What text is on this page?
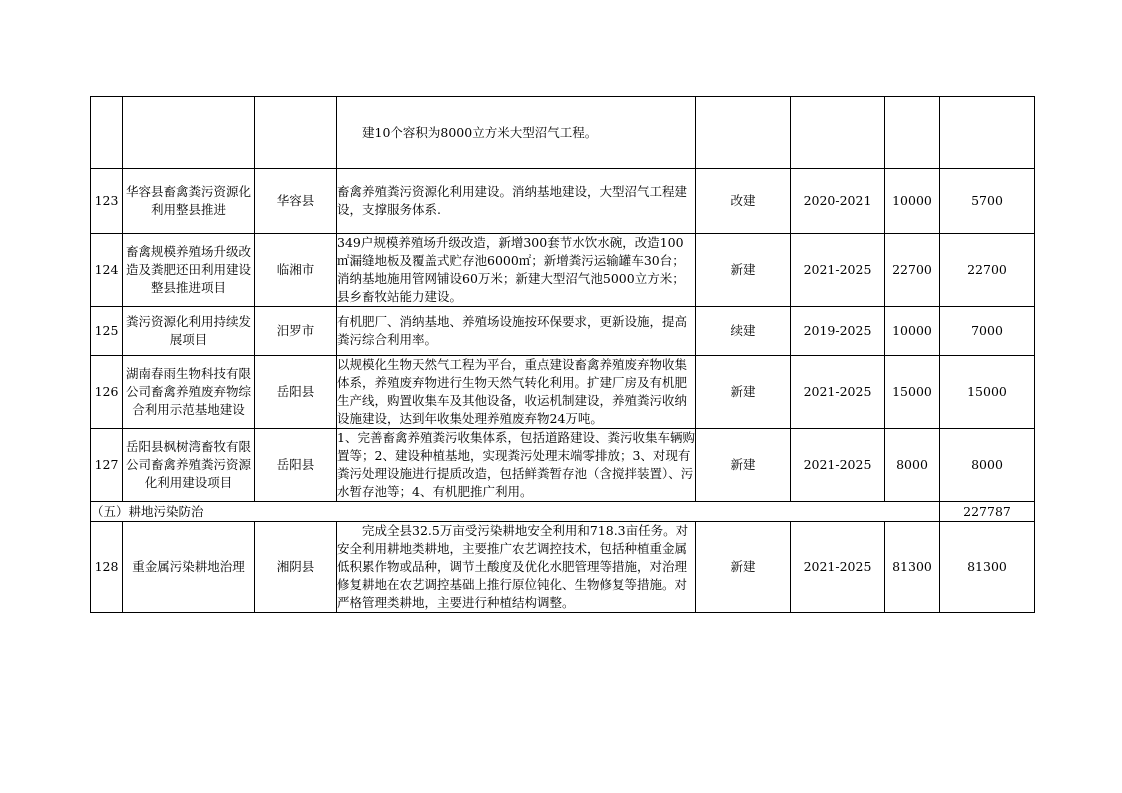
			建10个容积为8000立方米大型沼气工程。				
123	华容县畜禽粪污资源化利用整县推进	华容县	畜禽养殖粪污资源化利用建设。消纳基地建设，大型沼气工程建设，支撑服务体系.	改建	2020-2021	10000	5700
124	畜禽规模养殖场升级改造及粪肥还田利用建设整县推进项目	临湘市	349户规模养殖场升级改造，新增300套节水饮水碗，改造100㎡漏缝地板及覆盖式贮存池6000㎡；新增粪污运输罐车30台；消纳基地施用管网铺设60万米；新建大型沼气池5000立方米；县乡畜牧站能力建设。	新建	2021-2025	22700	22700
125	粪污资源化利用持续发展项目	汨罗市	有机肥厂、消纳基地、养殖场设施按环保要求，更新设施，提高粪污综合利用率。	续建	2019-2025	10000	7000
126	湖南春雨生物科技有限公司畜禽养殖废弃物综合利用示范基地建设	岳阳县	以规模化生物天然气工程为平台，重点建设畜禽养殖废弃物收集体系，养殖废弃物进行生物天然气转化利用。扩建厂房及有机肥生产线，购置收集车及其他设备，收运机制建设，养殖粪污收纳设施建设，达到年收集处理养殖废弃物24万吨。	新建	2021-2025	15000	15000
127	岳阳县枫树湾畜牧有限公司畜禽养殖粪污资源化利用建设项目	岳阳县	1、完善畜禽养殖粪污收集体系，包括道路建设、粪污收集车辆购置等；2、建设种植基地，实现粪污处理末端零排放；3、对现有粪污处理设施进行提质改造，包括鲜粪暂存池（含搅拌装置）、污水暂存池等；4、有机肥推广利用。	新建	2021-2025	8000	8000
（五）耕地污染防治							227787
128	重金属污染耕地治理	湘阴县	完成全县32.5万亩受污染耕地安全利用和718.3亩任务。对安全利用耕地类耕地，主要推广农艺调控技术，包括种植重金属低积累作物或品种，调节土酸度及优化水肥管理等措施，对治理修复耕地在农艺调控基础上推行原位钝化、生物修复等措施。对严格管理类耕地，主要进行种植结构调整。	新建	2021-2025	81300	81300
